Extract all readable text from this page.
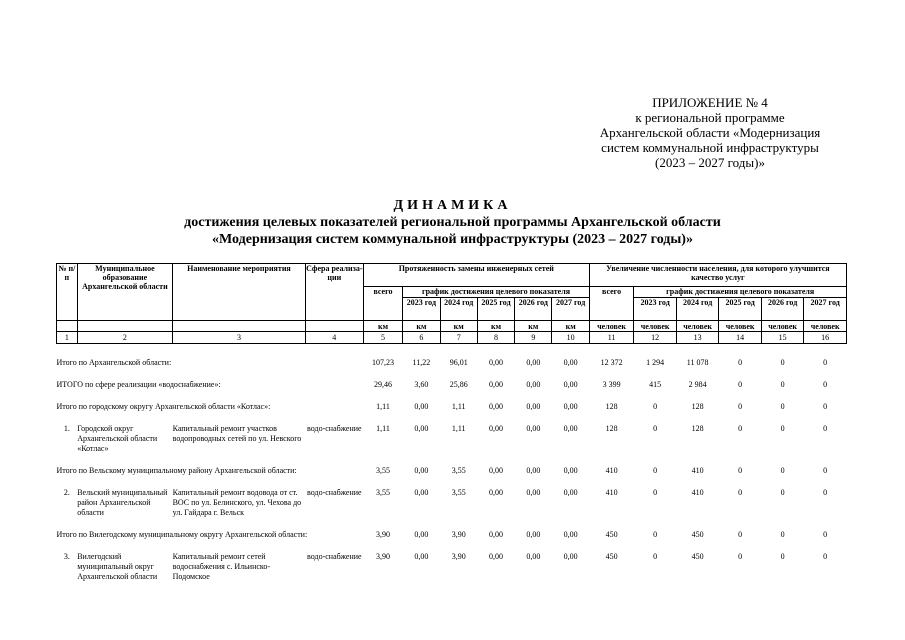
ПРИЛОЖЕНИЕ № 4
к региональной программе
Архангельской области «Модернизация
систем коммунальной инфраструктуры
(2023 – 2027 годы)»
ДИНАМИКА
достижения целевых показателей региональной программы Архангельской области
«Модернизация систем коммунальной инфраструктуры (2023 – 2027 годы)»
№ п/п	Муниципальное образование Архангельской области	Наименование мероприятия	Сфера реализа-ции	Протяженность замены инженерных сетей						Увеличение численности населения, для которого улучшится качество услуг					
				всего	график достижения целевого показателя					всего	график достижения целевого показателя				
					2023 год	2024 год	2025 год	2026 год	2027 год		2023 год	2024 год	2025 год	2026 год	2027 год
				км	км	км	км	км	км	человек	человек	человек	человек	человек	человек
1	2	3	4	5	6	7	8	9	10	11	12	13	14	15	16

Итого по Архангельской области:				107,23	11,22	96,01	0,00	0,00	0,00	12 372	1 294	11 078	0	0	0
ИТОГО по сфере реализации «водоснабжение»:				29,46	3,60	25,86	0,00	0,00	0,00	3 399	415	2 984	0	0	0
Итого по городскому округу Архангельской области «Котлас»:				1,11	0,00	1,11	0,00	0,00	0,00	128	0	128	0	0	0
1.	Городской округ Архангельской области «Котлас»	Капитальный ремонт участков водопроводных сетей по ул. Невского	водо-снабжение	1,11	0,00	1,11	0,00	0,00	0,00	128	0	128	0	0	0
Итого по Вельскому муниципальному району Архангельской области:				3,55	0,00	3,55	0,00	0,00	0,00	410	0	410	0	0	0
2.	Вельский муниципальный район Архангельской области	Капитальный ремонт водовода от ст. ВОС по ул. Белинского, ул. Чехова до ул. Гайдара г. Вельск	водо-снабжение	3,55	0,00	3,55	0,00	0,00	0,00	410	0	410	0	0	0
Итого по Вилегодскому муниципальному округу Архангельской области:				3,90	0,00	3,90	0,00	0,00	0,00	450	0	450	0	0	0
3.	Вилегодский муниципальный округ Архангельской области	Капитальный ремонт сетей водоснабжения с. Ильинско-Подомское	водо-снабжение	3,90	0,00	3,90	0,00	0,00	0,00	450	0	450	0	0	0
